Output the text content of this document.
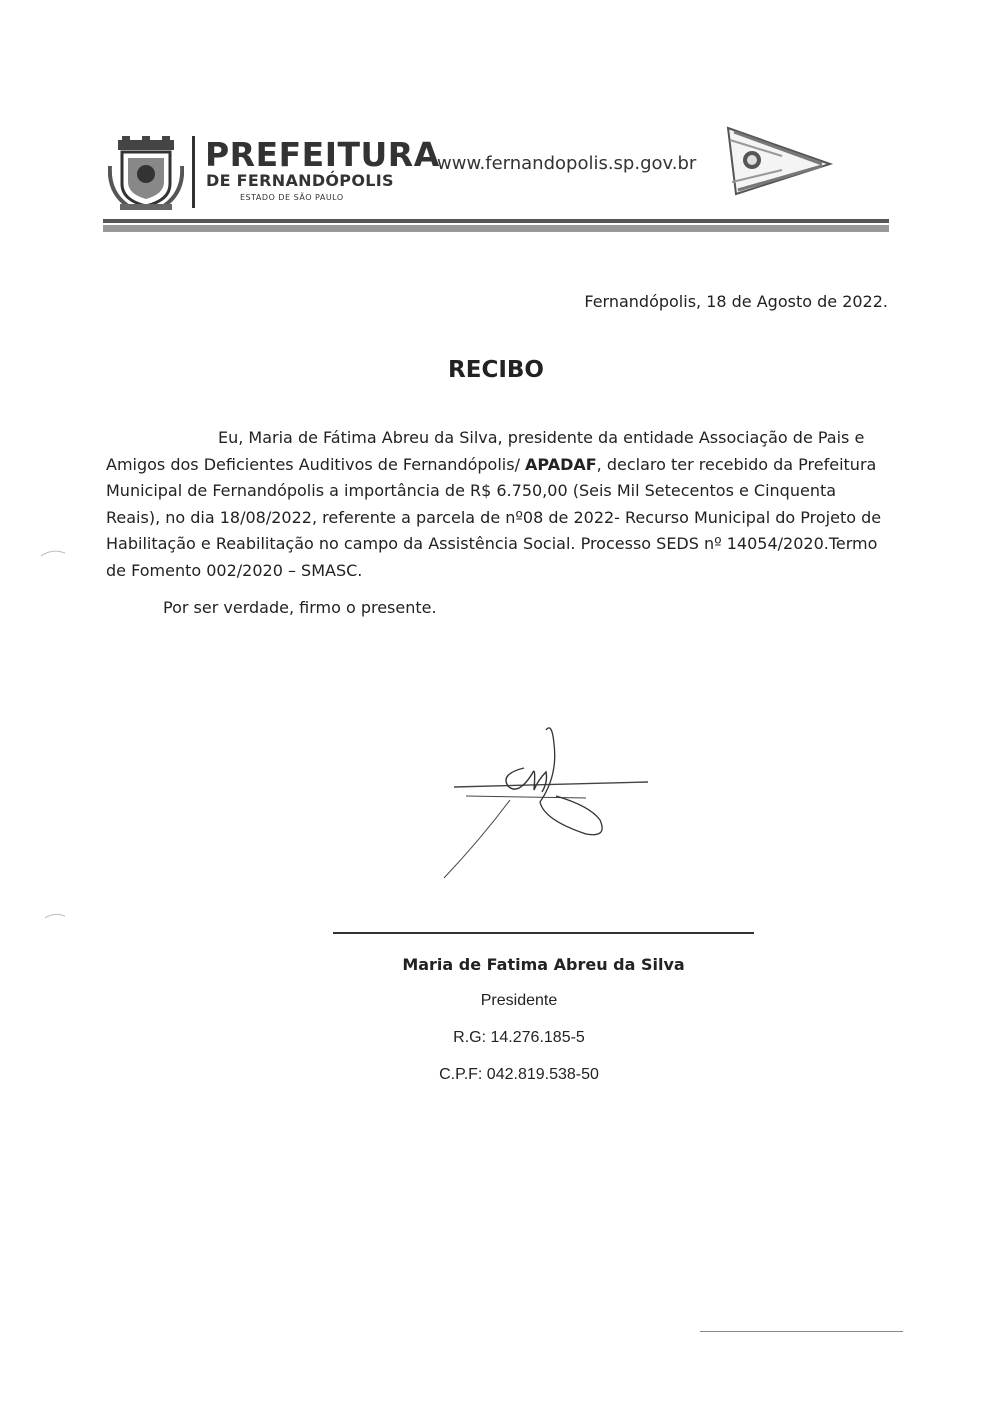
PREFEITURA
DE FERNANDÓPOLIS
ESTADO DE SÃO PAULO
www.fernandopolis.sp.gov.br
Fernandópolis, 18 de Agosto de 2022.
RECIBO
Eu, Maria de Fátima Abreu da Silva, presidente da entidade Associação de Pais e Amigos dos Deficientes Auditivos de Fernandópolis/ APADAF, declaro ter recebido da Prefeitura Municipal de Fernandópolis a importância de R$ 6.750,00 (Seis Mil Setecentos e Cinquenta Reais), no dia 18/08/2022, referente a parcela de nº08 de 2022- Recurso Municipal do Projeto de Habilitação e Reabilitação no campo da Assistência Social. Processo SEDS nº 14054/2020.Termo de Fomento 002/2020 – SMASC.
Por ser verdade, firmo o presente.
Maria de Fatima Abreu da Silva
Presidente
R.G: 14.276.185-5
C.P.F: 042.819.538-50
